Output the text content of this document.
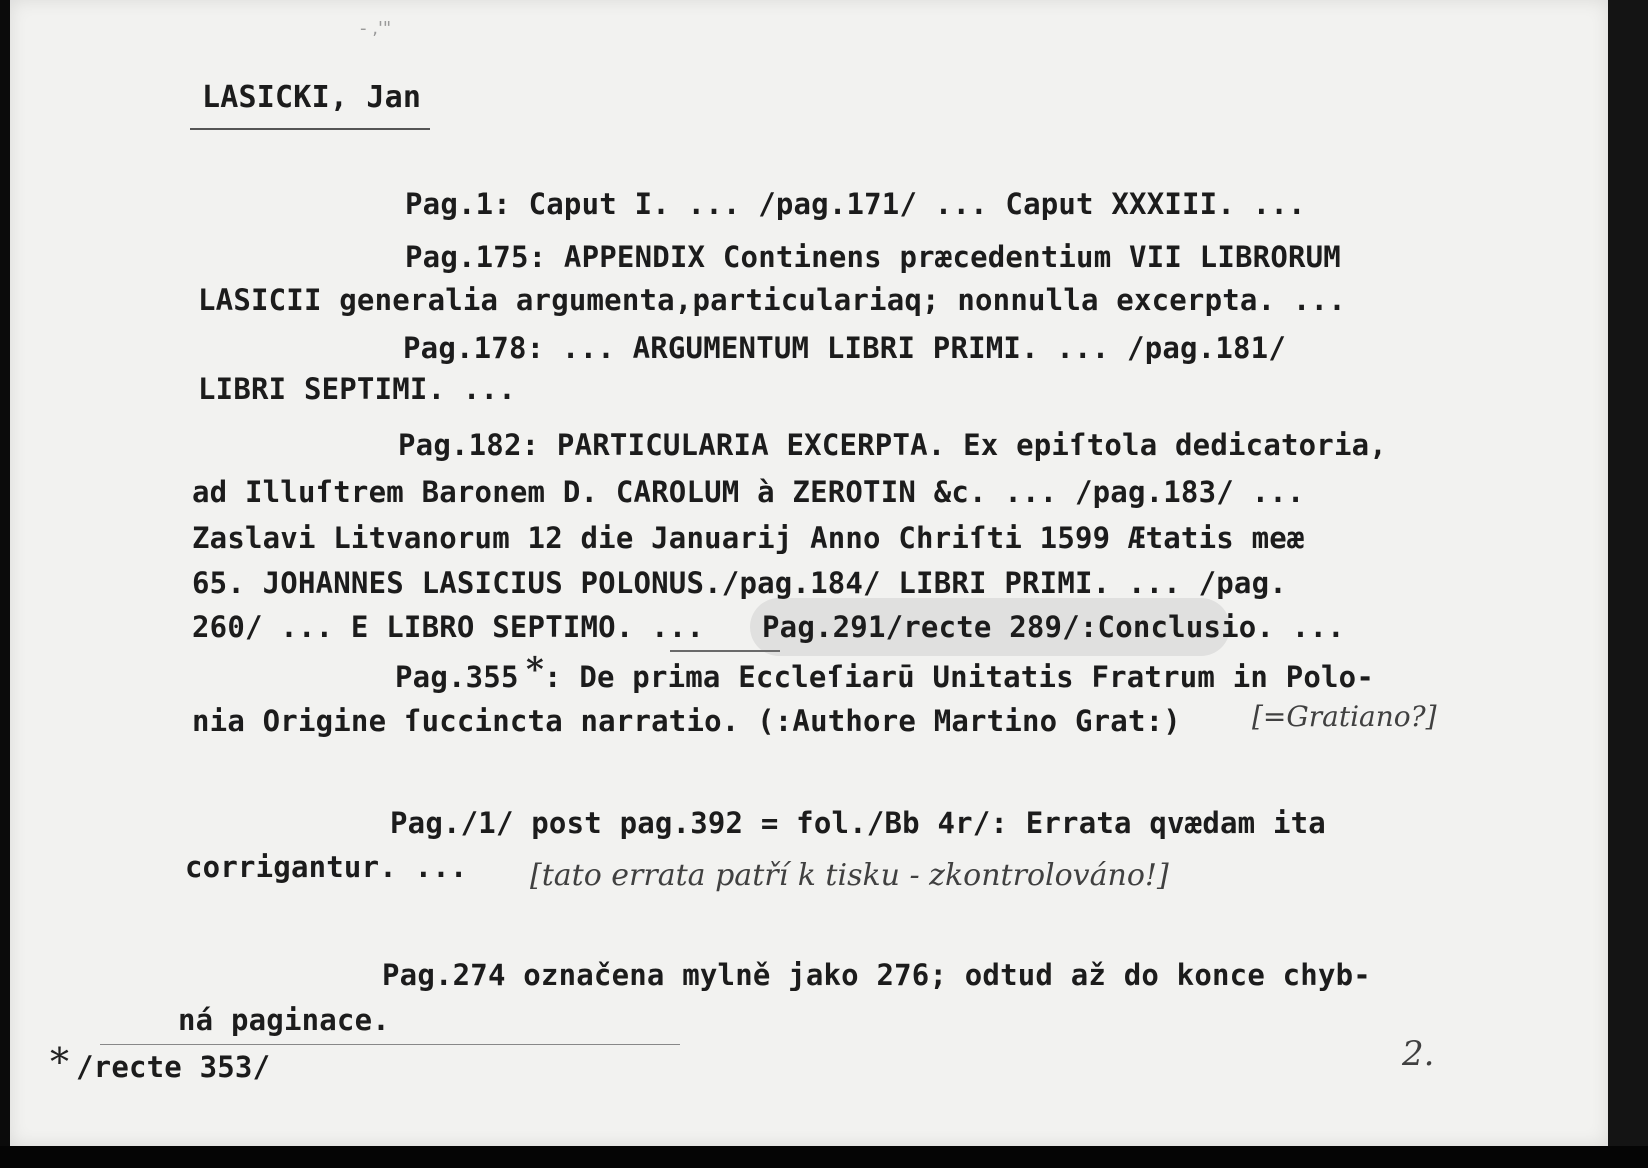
- ,'"
LASICKI, Jan
Pag.1: Caput I. ... /pag.171/ ... Caput XXXIII. ...
Pag.175: APPENDIX Continens præcedentium VII LIBRORUM
LASICII generalia argumenta,particulariaq; nonnulla excerpta. ...
Pag.178: ... ARGUMENTUM LIBRI PRIMI. ... /pag.181/
LIBRI SEPTIMI. ...
Pag.182: PARTICULARIA EXCERPTA. Ex epiſtola dedicatoria,
ad Illuſtrem Baronem D. CAROLUM à ZEROTIN &c. ... /pag.183/ ...
Zaslavi Litvanorum 12 die Januarij Anno Chriſti 1599 Ætatis meæ
65. JOHANNES LASICIUS POLONUS./pag.184/ LIBRI PRIMI. ... /pag.
260/ ... E LIBRO SEPTIMO. ... Pag.291/recte 289/:Conclusio. ...
Pag.355 * : De prima Eccleſiarū Unitatis Fratrum in Polo-
nia Origine ſuccincta narratio. (:Authore Martino Grat:)	[=Gratiano?]
Pag./1/ post pag.392 = fol./Bb 4r/: Errata qvædam ita
corrigantur. ... [tato errata patří k tisku - zkontrolováno!]
Pag.274 označena mylně jako 276; odtud až do konce chyb-
ná paginace.
* /recte 353/	2.
